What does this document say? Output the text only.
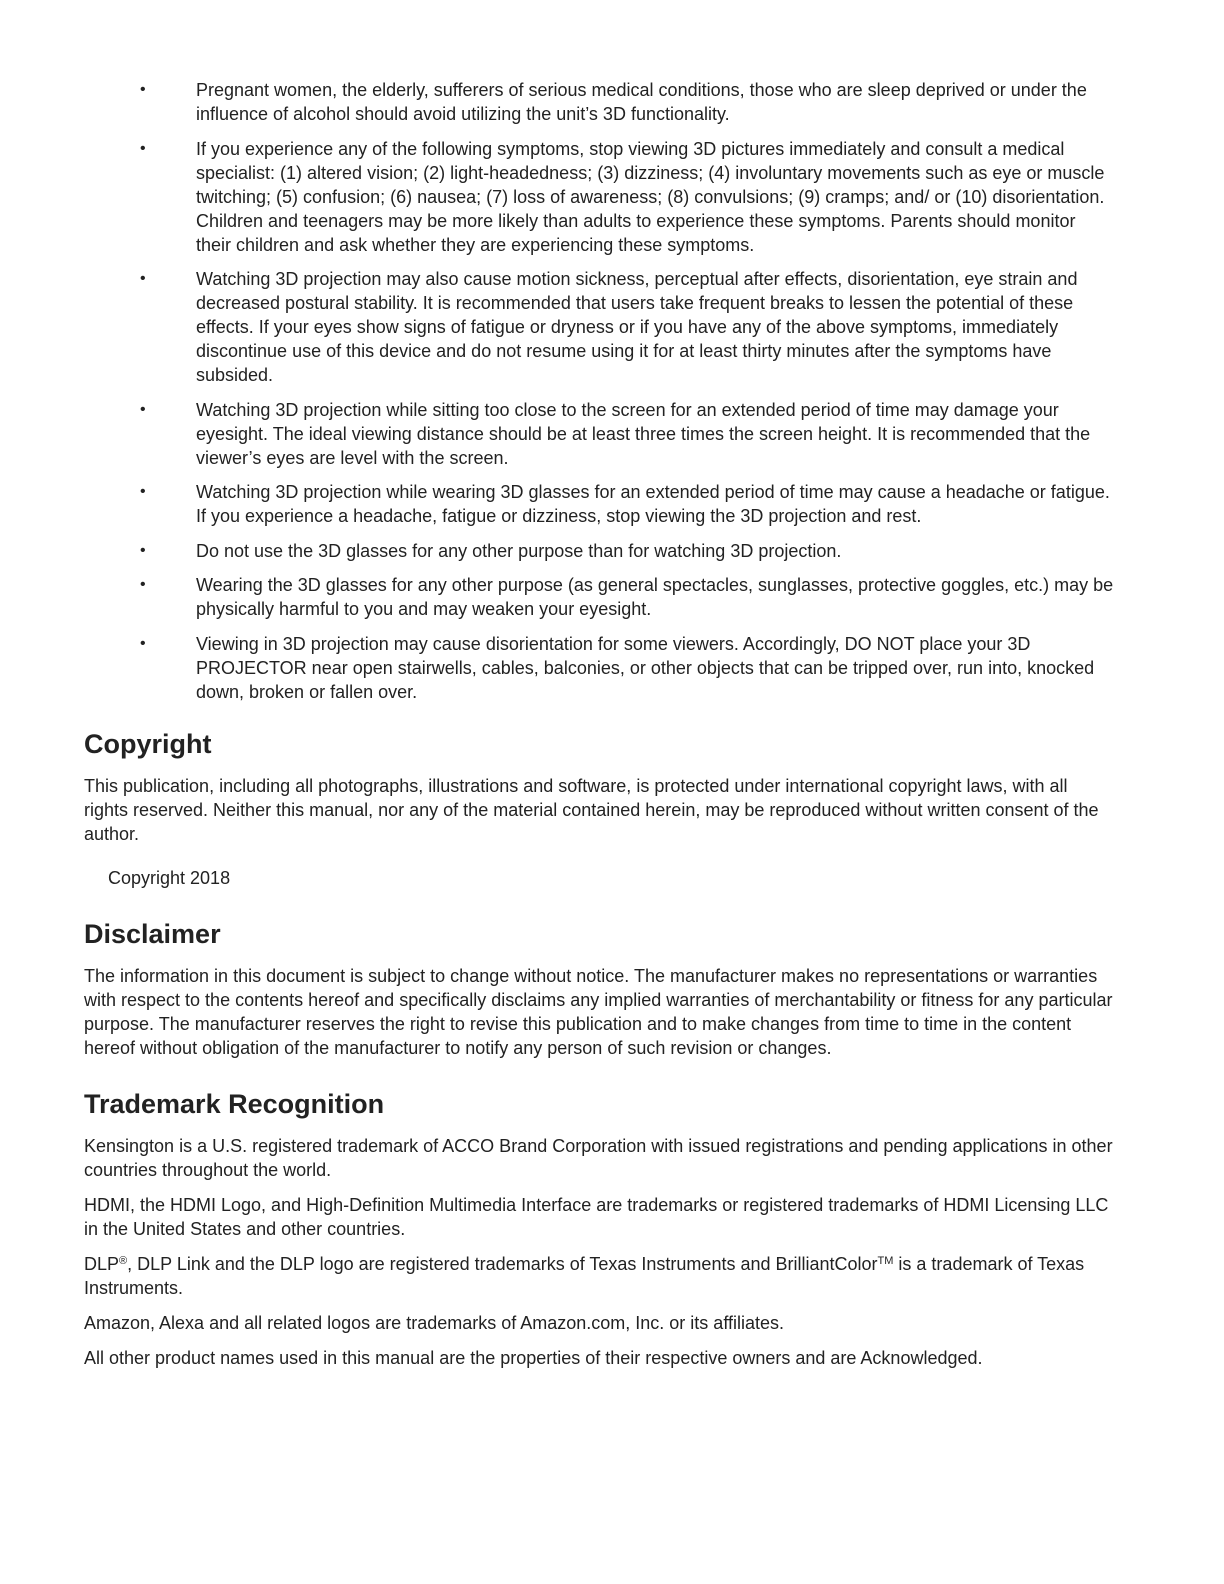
•	Pregnant women, the elderly, sufferers of serious medical conditions, those who are sleep deprived or under the influence of alcohol should avoid utilizing the unit’s 3D functionality.
•	If you experience any of the following symptoms, stop viewing 3D pictures immediately and consult a medical specialist: (1) altered vision; (2) light-headedness; (3) dizziness; (4) involuntary movements such as eye or muscle twitching; (5) confusion; (6) nausea; (7) loss of awareness; (8) convulsions; (9) cramps; and/ or (10) disorientation. Children and teenagers may be more likely than adults to experience these symptoms. Parents should monitor their children and ask whether they are experiencing these symptoms.
•	Watching 3D projection may also cause motion sickness, perceptual after effects, disorientation, eye strain and decreased postural stability. It is recommended that users take frequent breaks to lessen the potential of these effects. If your eyes show signs of fatigue or dryness or if you have any of the above symptoms, immediately discontinue use of this device and do not resume using it for at least thirty minutes after the symptoms have subsided.
•	Watching 3D projection while sitting too close to the screen for an extended period of time may damage your eyesight. The ideal viewing distance should be at least three times the screen height. It is recommended that the viewer’s eyes are level with the screen.
•	Watching 3D projection while wearing 3D glasses for an extended period of time may cause a headache or fatigue. If you experience a headache, fatigue or dizziness, stop viewing the 3D projection and rest.
•	Do not use the 3D glasses for any other purpose than for watching 3D projection.
•	Wearing the 3D glasses for any other purpose (as general spectacles, sunglasses, protective goggles, etc.) may be physically harmful to you and may weaken your eyesight.
•	Viewing in 3D projection may cause disorientation for some viewers. Accordingly, DO NOT place your 3D PROJECTOR near open stairwells, cables, balconies, or other objects that can be tripped over, run into, knocked down, broken or fallen over.
Copyright

This publication, including all photographs, illustrations and software, is protected under international copyright laws, with all rights reserved. Neither this manual, nor any of the material contained herein, may be reproduced without written consent of the author.

Copyright 2018

Disclaimer

The information in this document is subject to change without notice. The manufacturer makes no representations or warranties with respect to the contents hereof and specifically disclaims any implied warranties of merchantability or fitness for any particular purpose. The manufacturer reserves the right to revise this publication and to make changes from time to time in the content hereof without obligation of the manufacturer to notify any person of such revision or changes.

Trademark Recognition

Kensington is a U.S. registered trademark of ACCO Brand Corporation with issued registrations and pending applications in other countries throughout the world.

HDMI, the HDMI Logo, and High-Definition Multimedia Interface are trademarks or registered trademarks of HDMI Licensing LLC in the United States and other countries.

DLP®, DLP Link and the DLP logo are registered trademarks of Texas Instruments and BrilliantColor™ is a trademark of Texas Instruments.

Amazon, Alexa and all related logos are trademarks of Amazon.com, Inc. or its affiliates.

All other product names used in this manual are the properties of their respective owners and are Acknowledged.
